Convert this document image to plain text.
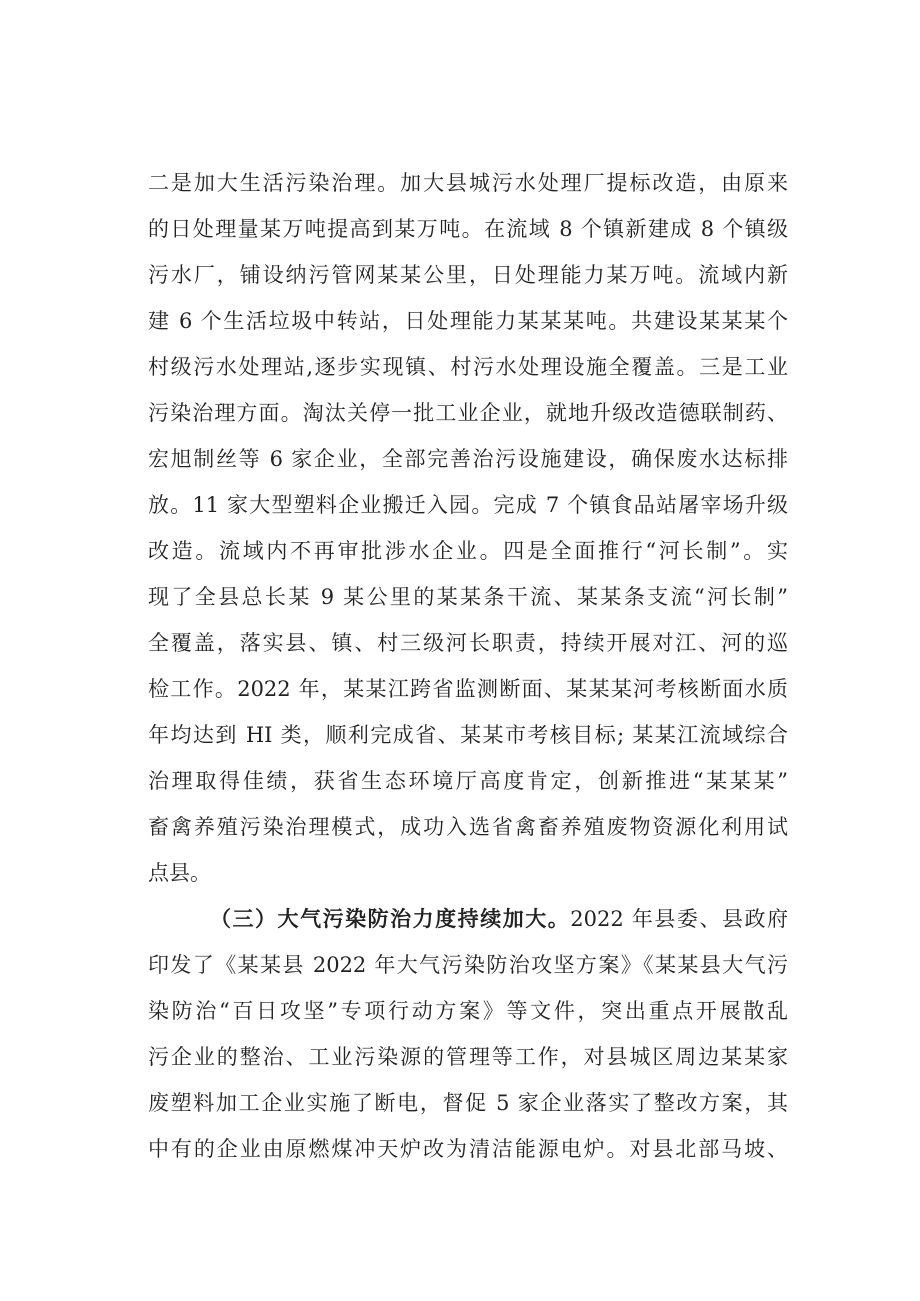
二是加大生活污染治理。加大县城污水处理厂提标改造，由原来
的日处理量某万吨提高到某万吨。在流域 8 个镇新建成 8 个镇级
污水厂，铺设纳污管网某某公里，日处理能力某万吨。流域内新
建 6 个生活垃圾中转站，日处理能力某某某吨。共建设某某某个
村级污水处理站,逐步实现镇、村污水处理设施全覆盖。三是工业
污染治理方面。淘汰关停一批工业企业，就地升级改造德联制药、
宏旭制丝等 6 家企业，全部完善治污设施建设，确保废水达标排
放。11 家大型塑料企业搬迁入园。完成 7 个镇食品站屠宰场升级
改造。流域内不再审批涉水企业。四是全面推行“河长制”。实
现了全县总长某 9 某公里的某某条干流、某某条支流“河长制”
全覆盖，落实县、镇、村三级河长职责，持续开展对江、河的巡
检工作。2022 年，某某江跨省监测断面、某某某河考核断面水质
年均达到 HI 类，顺利完成省、某某市考核目标; 某某江流域综合
治理取得佳绩，获省生态环境厅高度肯定，创新推进“某某某”
畜禽养殖污染治理模式，成功入选省禽畜养殖废物资源化利用试
点县。
（三）大气污染防治力度持续加大。2022 年县委、县政府
印发了《某某县 2022 年大气污染防治攻坚方案》《某某县大气污
染防治“百日攻坚”专项行动方案》等文件，突出重点开展散乱
污企业的整治、工业污染源的管理等工作，对县城区周边某某家
废塑料加工企业实施了断电，督促 5 家企业落实了整改方案，其
中有的企业由原燃煤冲天炉改为清洁能源电炉。对县北部马坡、
